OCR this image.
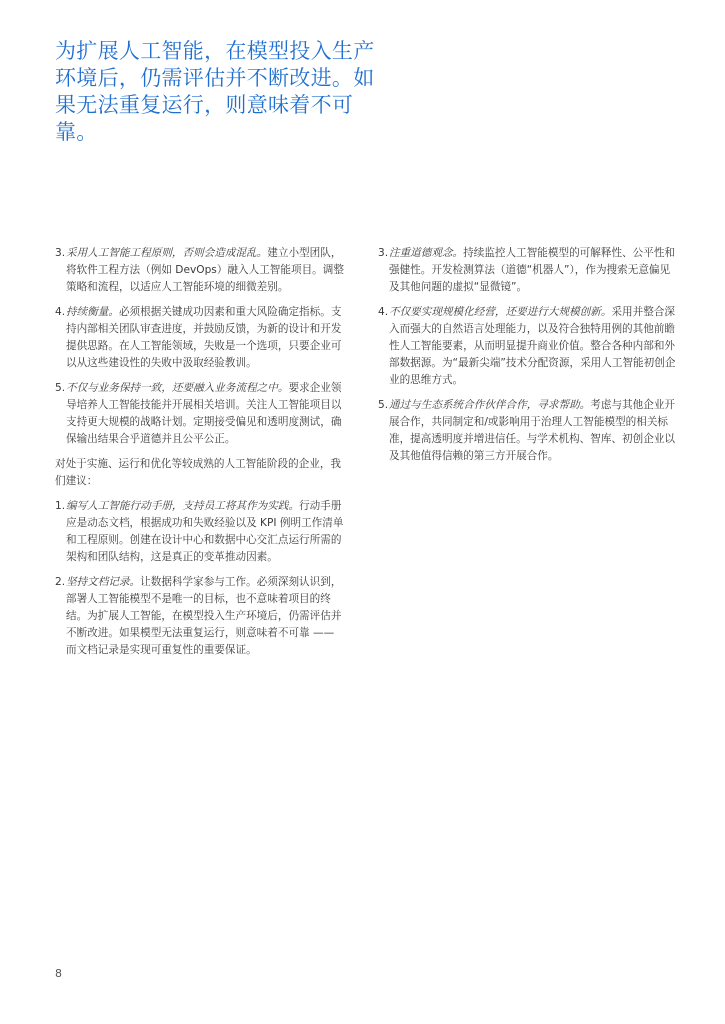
为扩展人工智能，在模型投入生产环境后，仍需评估并不断改进。如果无法重复运行，则意味着不可靠。
3. 采用人工智能工程原则，否则会造成混乱。建立小型团队，将软件工程方法（例如 DevOps）融入人工智能项目。调整策略和流程，以适应人工智能环境的细微差别。
4. 持续衡量。必须根据关键成功因素和重大风险确定指标。支持内部相关团队审查进度，并鼓励反馈，为新的设计和开发提供思路。在人工智能领域，失败是一个选项，只要企业可以从这些建设性的失败中汲取经验教训。
5. 不仅与业务保持一致，还要融入业务流程之中。要求企业领导培养人工智能技能并开展相关培训。关注人工智能项目以支持更大规模的战略计划。定期接受偏见和透明度测试，确保输出结果合乎道德并且公平公正。

对处于实施、运行和优化等较成熟的人工智能阶段的企业，我们建议：

1. 编写人工智能行动手册，支持员工将其作为实践。行动手册应是动态文档，根据成功和失败经验以及 KPI 例明工作清单和工程原则。创建在设计中心和数据中心交汇点运行所需的架构和团队结构，这是真正的变革推动因素。
2. 坚持文档记录。让数据科学家参与工作。必须深刻认识到，部署人工智能模型不是唯一的目标，也不意味着项目的终结。为扩展人工智能，在模型投入生产环境后，仍需评估并不断改进。如果模型无法重复运行，则意味着不可靠 —— 而文档记录是实现可重复性的重要保证。
3. 注重道德观念。持续监控人工智能模型的可解释性、公平性和强健性。开发检测算法（道德“机器人”），作为搜索无意偏见及其他问题的虚拟“显微镜”。
4. 不仅要实现规模化经营，还要进行大规模创新。采用并整合深入而强大的自然语言处理能力，以及符合独特用例的其他前瞻性人工智能要素，从而明显提升商业价值。整合各种内部和外部数据源。为“最新尖端”技术分配资源，采用人工智能初创企业的思维方式。
5. 通过与生态系统合作伙伴合作，寻求帮助。考虑与其他企业开展合作，共同制定和/或影响用于治理人工智能模型的相关标准，提高透明度并增进信任。与学术机构、智库、初创企业以及其他值得信赖的第三方开展合作。
8
